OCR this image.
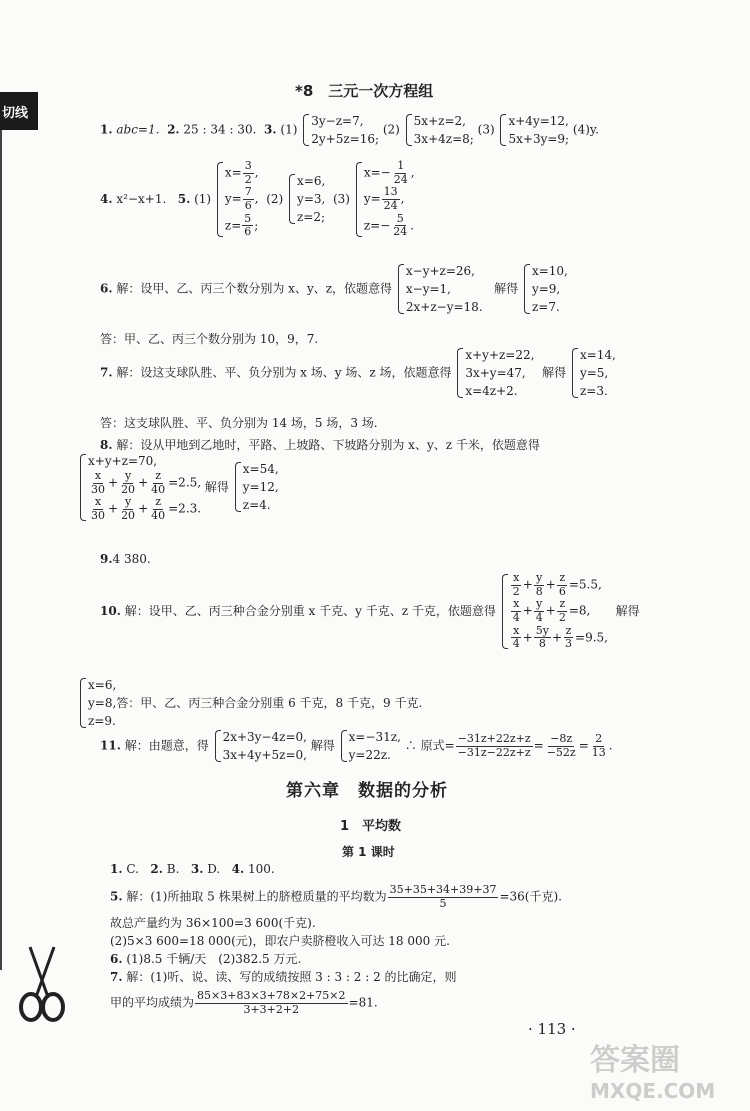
切线
*8　三元一次方程组
1. abc=1. 2. 25 : 34 : 30. 3. (1)
3y−z=7,
2y+5z=16;
(2)
5x+z=2,
3x+4z=8;
(3)
x+4y=12,
5x+3y=9;
(4)y.
4. x²−x+1. 5. (1)
$x= \frac{3}{2}$ ,
$y= \frac{7}{6}$ ,
$z= \frac{5}{6}$ ;
(2)
x=6,
y=3,
z=2;
(3)
$x=- \frac{1}{24}$ ,
$y= \frac{13}{24}$ ,
$z=- \frac{5}{24}$ .
6. 解：设甲、乙、丙三个数分别为 x、y、z，依题意得
x−y+z=26,
x−y=1,
2x+z−y=18.
解得
x=10,
y=9,
z=7.
答：甲、乙、丙三个数分别为 10，9，7.
7. 解：设这支球队胜、平、负分别为 x 场、y 场、z 场，依题意得
x+y+z=22,
3x+y=47,
x=4z+2.
解得
x=14,
y=5,
z=3.
答：这支球队胜、平、负分别为 14 场，5 场，3 场.
8. 解：设从甲地到乙地时，平路、上坡路、下坡路分别为 x、y、z 千米，依题意得
x+y+z=70,
$\frac{x}{30} + \frac{y}{20} + \frac{z}{40} =2.5$,
$\frac{x}{30} + \frac{y}{20} + \frac{z}{40} =2.3$.
解得
x=54,
y=12,
z=4.
9.4 380.
10. 解：设甲、乙、丙三种合金分别重 x 千克、y 千克、z 千克，依题意得
$\frac{x}{2} + \frac{y}{8} + \frac{z}{6} =5.5$,
$\frac{x}{4} + \frac{y}{4} + \frac{z}{2} =8$,
$\frac{x}{4} + \frac{5y}{8} + \frac{z}{3} =9.5$,
解得
x=6,
y=8,答：甲、乙、丙三种合金分别重 6 千克，8 千克，9 千克.
z=9.
11. 解：由题意，得
2x+3y−4z=0,
3x+4y+5z=0,
解得
x=−31z,
y=22z.
∴ 原式= $\frac{-31z+22z+z}{-31z-22z+z} = \frac{-8z}{-52z} = \frac{2}{13}$ .
第六章　数据的分析
1　平均数
第 1 课时
1. C. 2. B. 3. D. 4. 100.
5. 解：(1)所抽取 5 株果树上的脐橙质量的平均数为 $\frac{35+35+34+39+37}{5} =36$(千克).
故总产量约为 36×100=3 600(千克).
(2)5×3 600=18 000(元)，即农户卖脐橙收入可达 18 000 元.
6. (1)8.5 千辆/天　(2)382.5 万元.
7. 解：(1)听、说、读、写的成绩按照 3 : 3 : 2 : 2 的比确定，则
甲的平均成绩为 $\frac{85\times 3+83\times 3+78\times 2+75\times 2}{3+3+2+2} =81$.
· 113 ·
答案圈
MXQE.COM
